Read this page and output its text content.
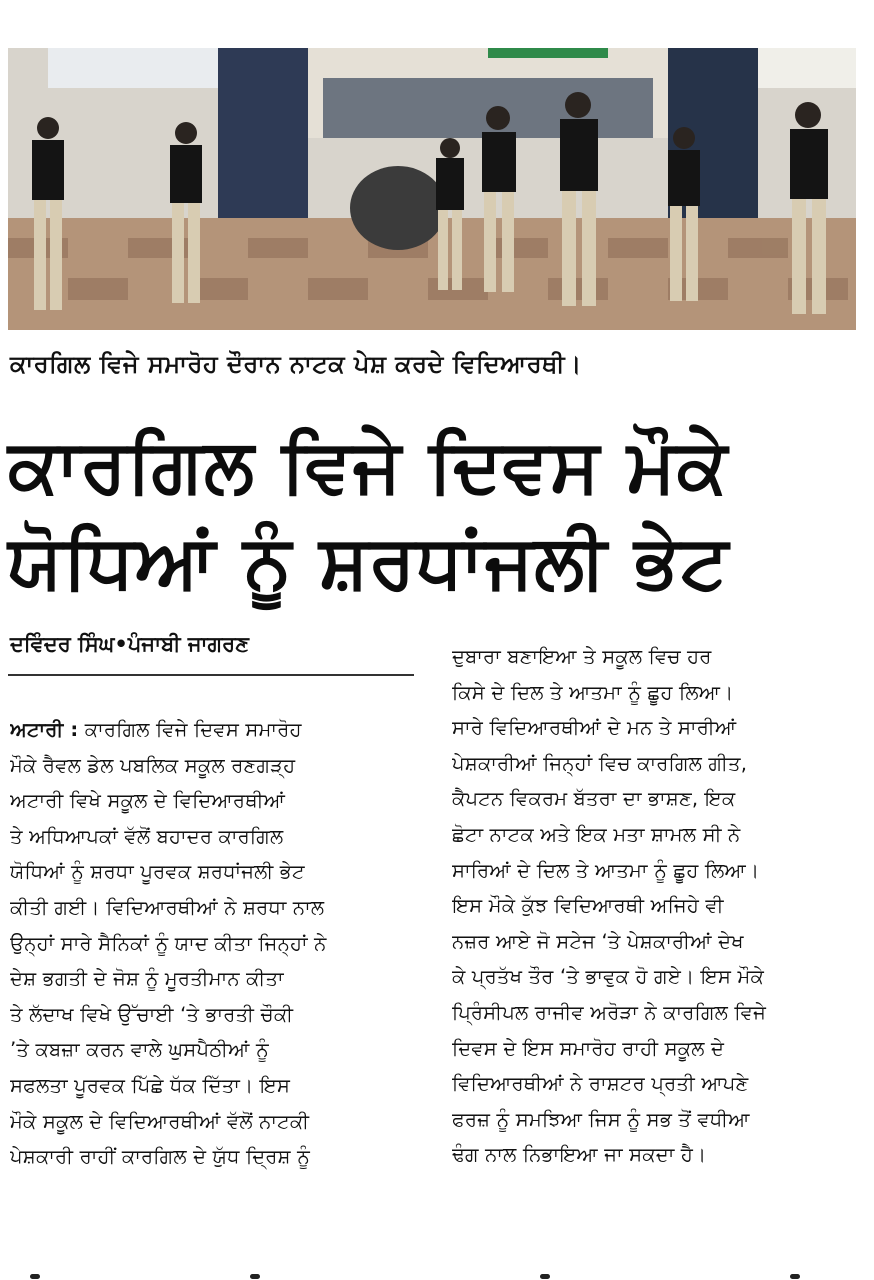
ਕਾਰਗਿਲ ਵਿਜੇ ਸਮਾਰੋਹ ਦੌਰਾਨ ਨਾਟਕ ਪੇਸ਼ ਕਰਦੇ ਵਿਦਿਆਰਥੀ।
ਕਾਰਗਿਲ ਵਿਜੇ ਦਿਵਸ ਮੌਕੇ
ਯੋਧਿਆਂ ਨੂੰ ਸ਼ਰਧਾਂਜਲੀ ਭੇਟ
ਦਵਿੰਦਰ ਸਿੰਘ•ਪੰਜਾਬੀ ਜਾਗਰਣ
ਅਟਾਰੀ : ਕਾਰਗਿਲ ਵਿਜੇ ਦਿਵਸ ਸਮਾਰੋਹ
ਮੌਕੇ ਰੈਵਲ ਡੇਲ ਪਬਲਿਕ ਸਕੂਲ ਰਣਗੜ੍ਹ
ਅਟਾਰੀ ਵਿਖੇ ਸਕੂਲ ਦੇ ਵਿਦਿਆਰਥੀਆਂ
ਤੇ ਅਧਿਆਪਕਾਂ ਵੱਲੋਂ ਬਹਾਦਰ ਕਾਰਗਿਲ
ਯੋਧਿਆਂ ਨੂੰ ਸ਼ਰਧਾ ਪੂਰਵਕ ਸ਼ਰਧਾਂਜਲੀ ਭੇਟ
ਕੀਤੀ ਗਈ। ਵਿਦਿਆਰਥੀਆਂ ਨੇ ਸ਼ਰਧਾ ਨਾਲ
ਉਨ੍ਹਾਂ ਸਾਰੇ ਸੈਨਿਕਾਂ ਨੂੰ ਯਾਦ ਕੀਤਾ ਜਿਨ੍ਹਾਂ ਨੇ
ਦੇਸ਼ ਭਗਤੀ ਦੇ ਜੋਸ਼ ਨੂੰ ਮੂਰਤੀਮਾਨ ਕੀਤਾ
ਤੇ ਲੱਦਾਖ ਵਿਖੇ ਉੱਚਾਈ ‘ਤੇ ਭਾਰਤੀ ਚੌਕੀ
’ਤੇ ਕਬਜ਼ਾ ਕਰਨ ਵਾਲੇ ਘੁਸਪੈਠੀਆਂ ਨੂੰ
ਸਫਲਤਾ ਪੂਰਵਕ ਪਿੱਛੇ ਧੱਕ ਦਿੱਤਾ। ਇਸ
ਮੌਕੇ ਸਕੂਲ ਦੇ ਵਿਦਿਆਰਥੀਆਂ ਵੱਲੋਂ ਨਾਟਕੀ
ਪੇਸ਼ਕਾਰੀ ਰਾਹੀਂ ਕਾਰਗਿਲ ਦੇ ਯੁੱਧ ਦ੍ਰਿਸ਼ ਨੂੰ
ਦੁਬਾਰਾ ਬਣਾਇਆ ਤੇ ਸਕੂਲ ਵਿਚ ਹਰ
ਕਿਸੇ ਦੇ ਦਿਲ ਤੇ ਆਤਮਾ ਨੂੰ ਛੂਹ ਲਿਆ।
ਸਾਰੇ ਵਿਦਿਆਰਥੀਆਂ ਦੇ ਮਨ ਤੇ ਸਾਰੀਆਂ
ਪੇਸ਼ਕਾਰੀਆਂ ਜਿਨ੍ਹਾਂ ਵਿਚ ਕਾਰਗਿਲ ਗੀਤ,
ਕੈਪਟਨ ਵਿਕਰਮ ਬੱਤਰਾ ਦਾ ਭਾਸ਼ਣ, ਇਕ
ਛੋਟਾ ਨਾਟਕ ਅਤੇ ਇਕ ਮਤਾ ਸ਼ਾਮਲ ਸੀ ਨੇ
ਸਾਰਿਆਂ ਦੇ ਦਿਲ ਤੇ ਆਤਮਾ ਨੂੰ ਛੂਹ ਲਿਆ।
ਇਸ ਮੌਕੇ ਕੁੱਝ ਵਿਦਿਆਰਥੀ ਅਜਿਹੇ ਵੀ
ਨਜ਼ਰ ਆਏ ਜੋ ਸਟੇਜ ‘ਤੇ ਪੇਸ਼ਕਾਰੀਆਂ ਦੇਖ
ਕੇ ਪ੍ਰਤੱਖ ਤੌਰ ‘ਤੇ ਭਾਵੁਕ ਹੋ ਗਏ। ਇਸ ਮੌਕੇ
ਪ੍ਰਿੰਸੀਪਲ ਰਾਜੀਵ ਅਰੋੜਾ ਨੇ ਕਾਰਗਿਲ ਵਿਜੇ
ਦਿਵਸ ਦੇ ਇਸ ਸਮਾਰੋਹ ਰਾਹੀ ਸਕੂਲ ਦੇ
ਵਿਦਿਆਰਥੀਆਂ ਨੇ ਰਾਸ਼ਟਰ ਪ੍ਰਤੀ ਆਪਣੇ
ਫਰਜ਼ ਨੂੰ ਸਮਝਿਆ ਜਿਸ ਨੂੰ ਸਭ ਤੋਂ ਵਧੀਆ
ਢੰਗ ਨਾਲ ਨਿਭਾਇਆ ਜਾ ਸਕਦਾ ਹੈ।
